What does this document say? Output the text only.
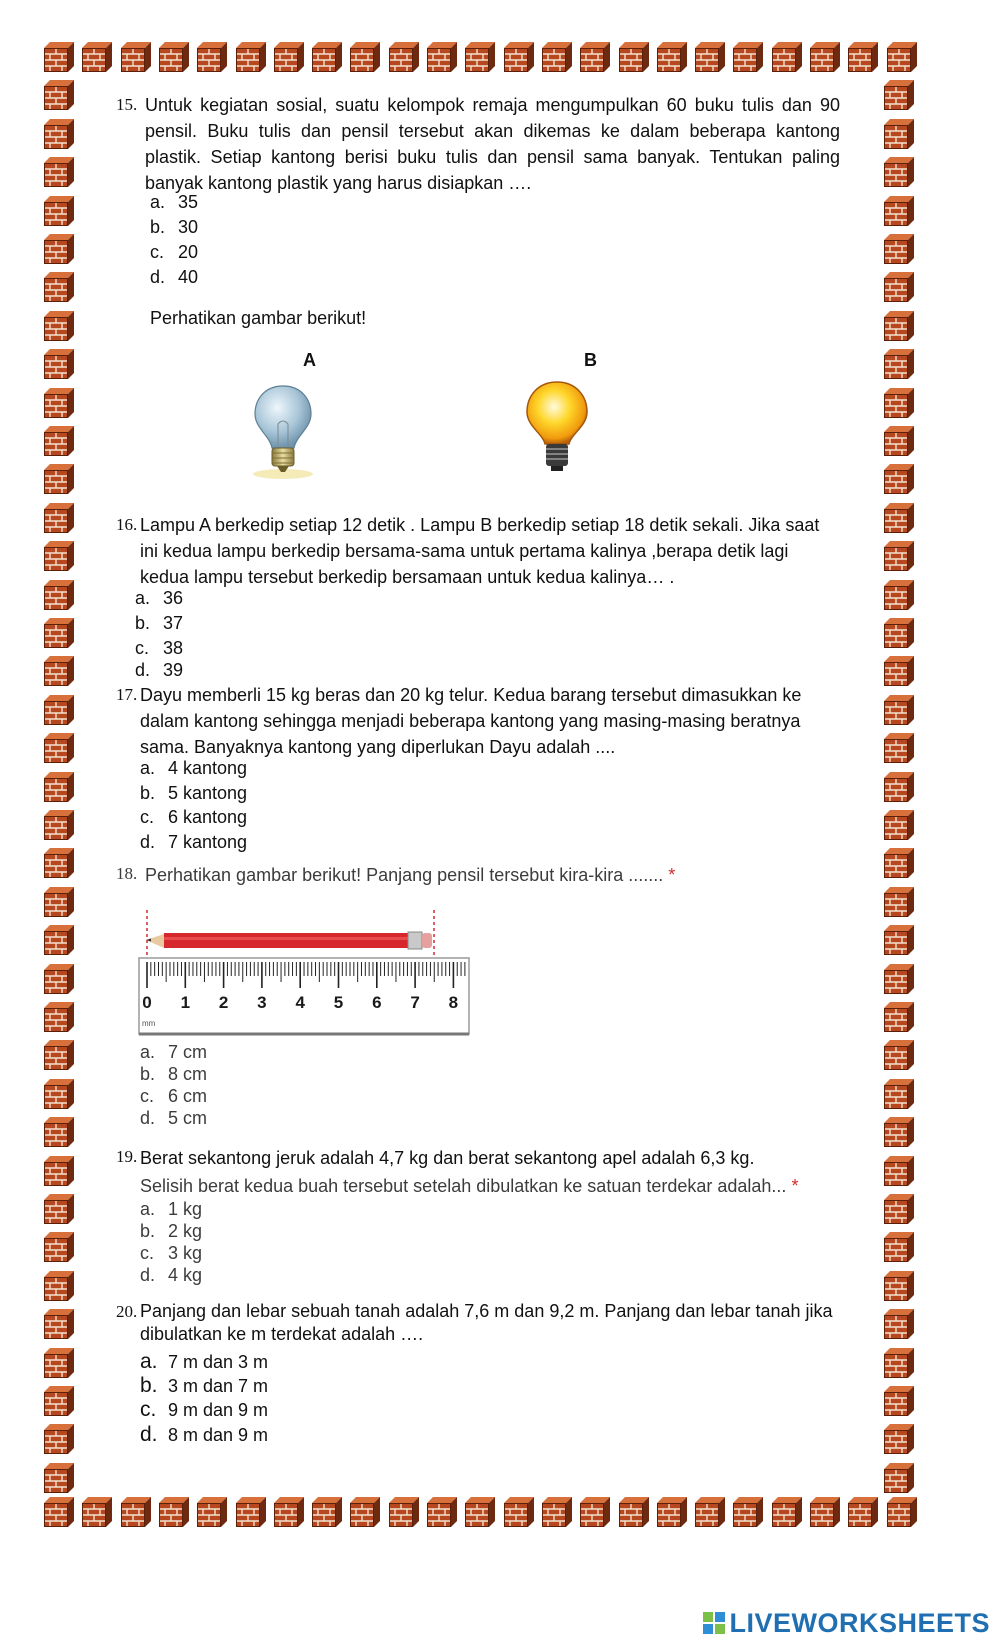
15. Untuk kegiatan sosial, suatu kelompok remaja mengumpulkan 60 buku tulis dan 90 pensil. Buku tulis dan pensil tersebut akan dikemas ke dalam beberapa kantong plastik. Setiap kantong berisi buku tulis dan pensil sama banyak. Tentukan paling banyak kantong plastik yang harus disiapkan ….
a. 35
b. 30
c. 20
d. 40
Perhatikan gambar berikut!
A	B
16. Lampu A berkedip setiap 12 detik . Lampu B berkedip setiap 18 detik sekali. Jika saat ini kedua lampu berkedip bersama-sama untuk pertama kalinya ,berapa detik lagi kedua lampu tersebut berkedip bersamaan untuk kedua kalinya… .
a. 36
b. 37
c. 38
d. 39
17. Dayu memberli 15 kg beras dan 20 kg telur. Kedua barang tersebut dimasukkan ke dalam kantong sehingga menjadi beberapa kantong yang masing-masing beratnya sama. Banyaknya kantong yang diperlukan Dayu adalah ....
a. 4 kantong
b. 5 kantong
c. 6 kantong
d. 7 kantong
18. Perhatikan gambar berikut! Panjang pensil tersebut kira-kira ....... *
0 1 2 3 4 5 6 7 8
mm
a. 7 cm
b. 8 cm
c. 6 cm
d. 5 cm
19. Berat sekantong jeruk adalah 4,7 kg dan berat sekantong apel adalah 6,3 kg.
Selisih berat kedua buah tersebut setelah dibulatkan ke satuan terdekar adalah... *
a. 1 kg
b. 2 kg
c. 3 kg
d. 4 kg
20. Panjang dan lebar sebuah tanah adalah 7,6 m dan 9,2 m. Panjang dan lebar tanah jika dibulatkan ke m terdekat adalah ….
a. 7 m dan 3 m
b. 3 m dan 7 m
c. 9 m dan 9 m
d. 8 m dan 9 m
LIVEWORKSHEETS
